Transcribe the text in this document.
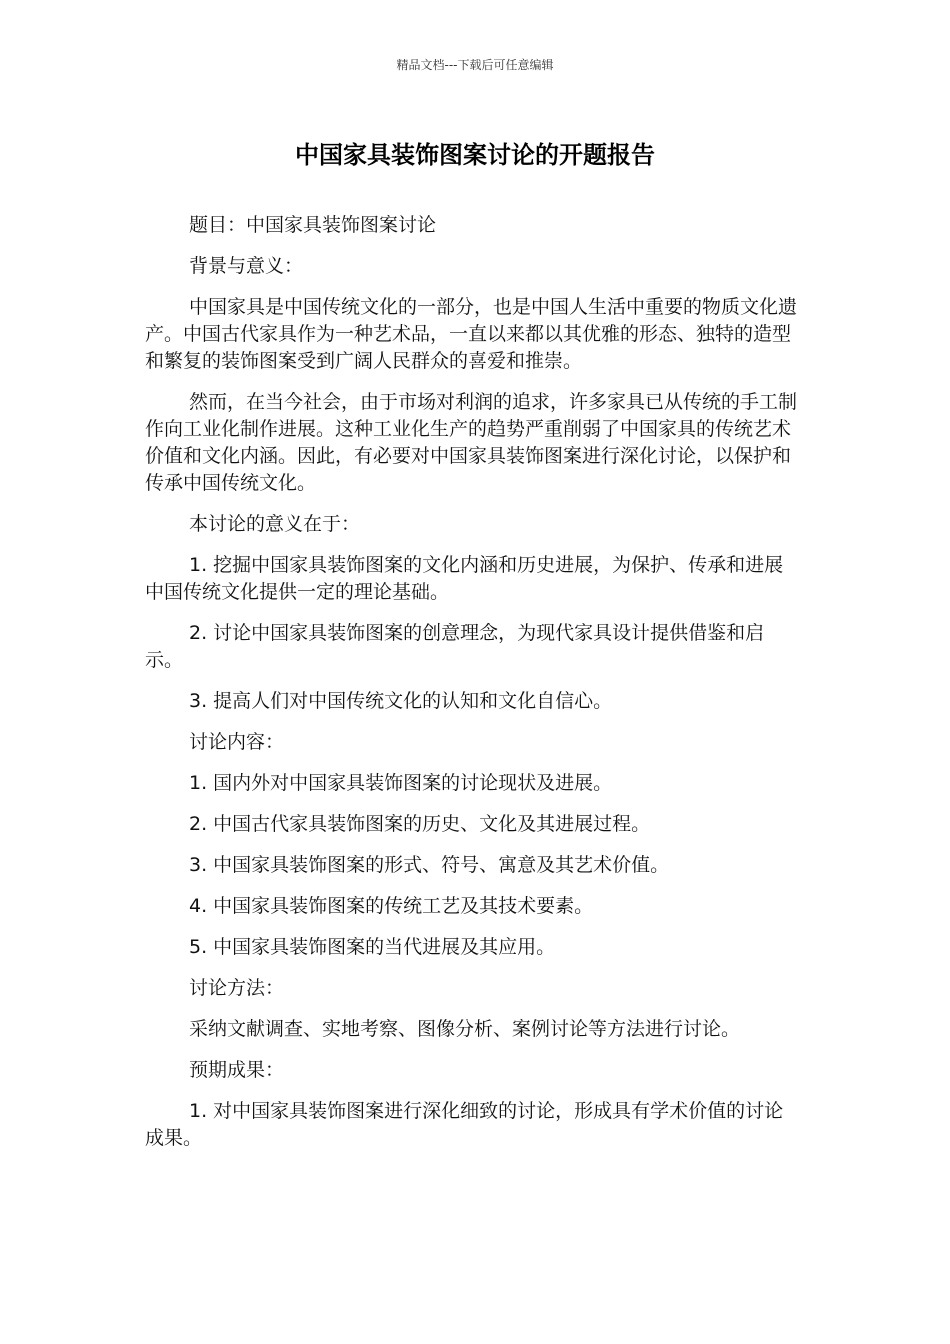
精品文档---下载后可任意编辑
中国家具装饰图案讨论的开题报告

题目：中国家具装饰图案讨论

背景与意义：

中国家具是中国传统文化的一部分，也是中国人生活中重要的物质文化遗产。中国古代家具作为一种艺术品，一直以来都以其优雅的形态、独特的造型和繁复的装饰图案受到广阔人民群众的喜爱和推崇。

然而，在当今社会，由于市场对利润的追求，许多家具已从传统的手工制作向工业化制作进展。这种工业化生产的趋势严重削弱了中国家具的传统艺术价值和文化内涵。因此，有必要对中国家具装饰图案进行深化讨论，以保护和传承中国传统文化。

本讨论的意义在于：

1. 挖掘中国家具装饰图案的文化内涵和历史进展，为保护、传承和进展中国传统文化提供一定的理论基础。

2. 讨论中国家具装饰图案的创意理念，为现代家具设计提供借鉴和启示。

3. 提高人们对中国传统文化的认知和文化自信心。

讨论内容：

1. 国内外对中国家具装饰图案的讨论现状及进展。

2. 中国古代家具装饰图案的历史、文化及其进展过程。

3. 中国家具装饰图案的形式、符号、寓意及其艺术价值。

4. 中国家具装饰图案的传统工艺及其技术要素。

5. 中国家具装饰图案的当代进展及其应用。

讨论方法：

采纳文献调查、实地考察、图像分析、案例讨论等方法进行讨论。

预期成果：

1. 对中国家具装饰图案进行深化细致的讨论，形成具有学术价值的讨论成果。
